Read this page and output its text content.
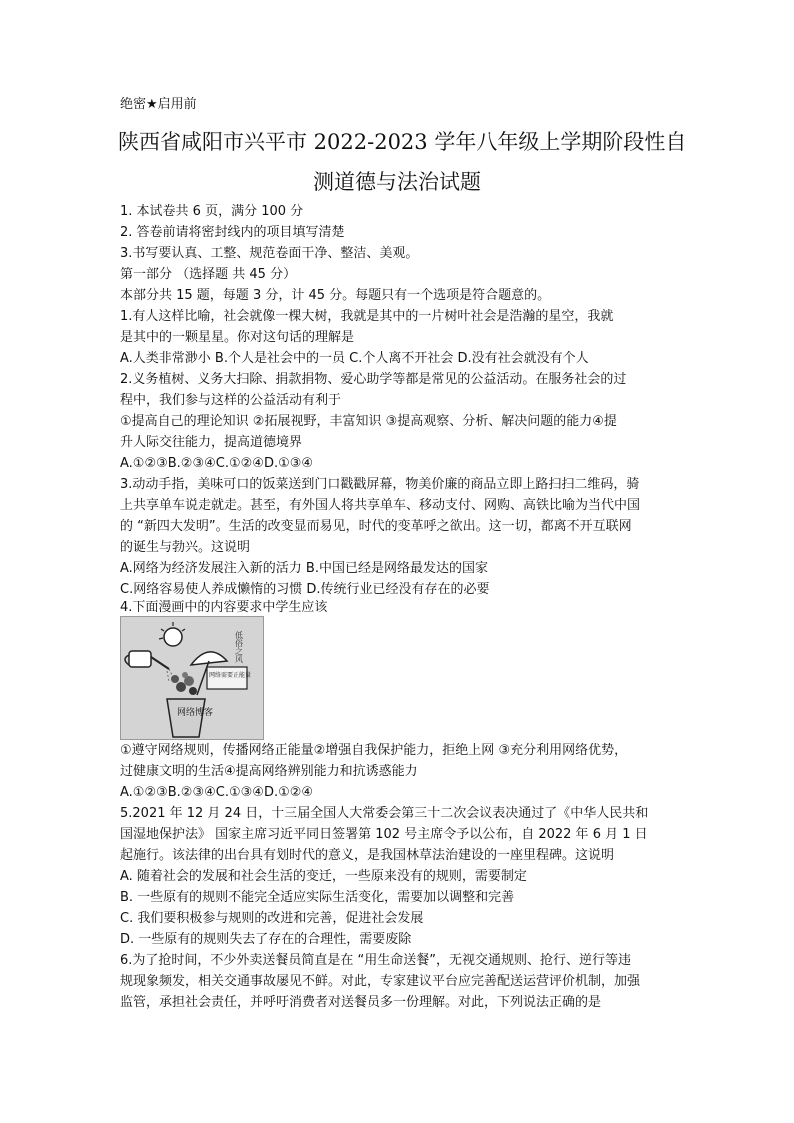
绝密★启用前
陕西省咸阳市兴平市 2022-2023 学年八年级上学期阶段性自
测道德与法治试题
1. 本试卷共 6 页，满分 100 分
2. 答卷前请将密封线内的项目填写清楚
3.书写要认真、工整、规范卷面干净、整洁、美观。
第一部分 （选择题 共 45 分）
本部分共 15 题，每题 3 分，计 45 分。每题只有一个选项是符合题意的。
1.有人这样比喻，社会就像一棵大树，我就是其中的一片树叶社会是浩瀚的星空，我就
是其中的一颗星星。你对这句话的理解是
A.人类非常渺小 B.个人是社会中的一员 C.个人离不开社会 D.没有社会就没有个人
2.义务植树、义务大扫除、捐款捐物、爱心助学等都是常见的公益活动。在服务社会的过
程中，我们参与这样的公益活动有利于
①提高自己的理论知识 ②拓展视野，丰富知识 ③提高观察、分析、解决问题的能力④提
升人际交往能力，提高道德境界
A.①②③B.②③④C.①②④D.①③④
3.动动手指，美味可口的饭菜送到门口戳戳屏幕，物美价廉的商品立即上路扫扫二维码，骑
上共享单车说走就走。甚至，有外国人将共享单车、移动支付、网购、高铁比喻为当代中国
的 “新四大发明”。生活的改变显而易见，时代的变革呼之欲出。这一切，都离不开互联网
的诞生与勃兴。这说明
A.网络为经济发展注入新的活力 B.中国已经是网络最发达的国家
C.网络容易使人养成懒惰的习惯 D.传统行业已经没有存在的必要
4.下面漫画中的内容要求中学生应该
网络需要正能量
网络博客
低俗之风
①遵守网络规则，传播网络正能量②增强自我保护能力，拒绝上网 ③充分利用网络优势，
过健康文明的生活④提高网络辨别能力和抗诱惑能力
A.①②③B.②③④C.①③④D.①②④
5.2021 年 12 月 24 日，十三届全国人大常委会第三十二次会议表决通过了《中华人民共和
国湿地保护法》 国家主席习近平同日签署第 102 号主席令予以公布，自 2022 年 6 月 1 日
起施行。该法律的出台具有划时代的意义，是我国林草法治建设的一座里程碑。这说明
A. 随着社会的发展和社会生活的变迁，一些原来没有的规则，需要制定
B. 一些原有的规则不能完全适应实际生活变化，需要加以调整和完善
C. 我们要积极参与规则的改进和完善，促进社会发展
D. 一些原有的规则失去了存在的合理性，需要废除
6.为了抢时间，不少外卖送餐员简直是在 “用生命送餐”，无视交通规则、抢行、逆行等违
规现象频发，相关交通事故屡见不鲜。对此，专家建议平台应完善配送运营评价机制，加强
监管，承担社会责任，并呼吁消费者对送餐员多一份理解。对此，下列说法正确的是
